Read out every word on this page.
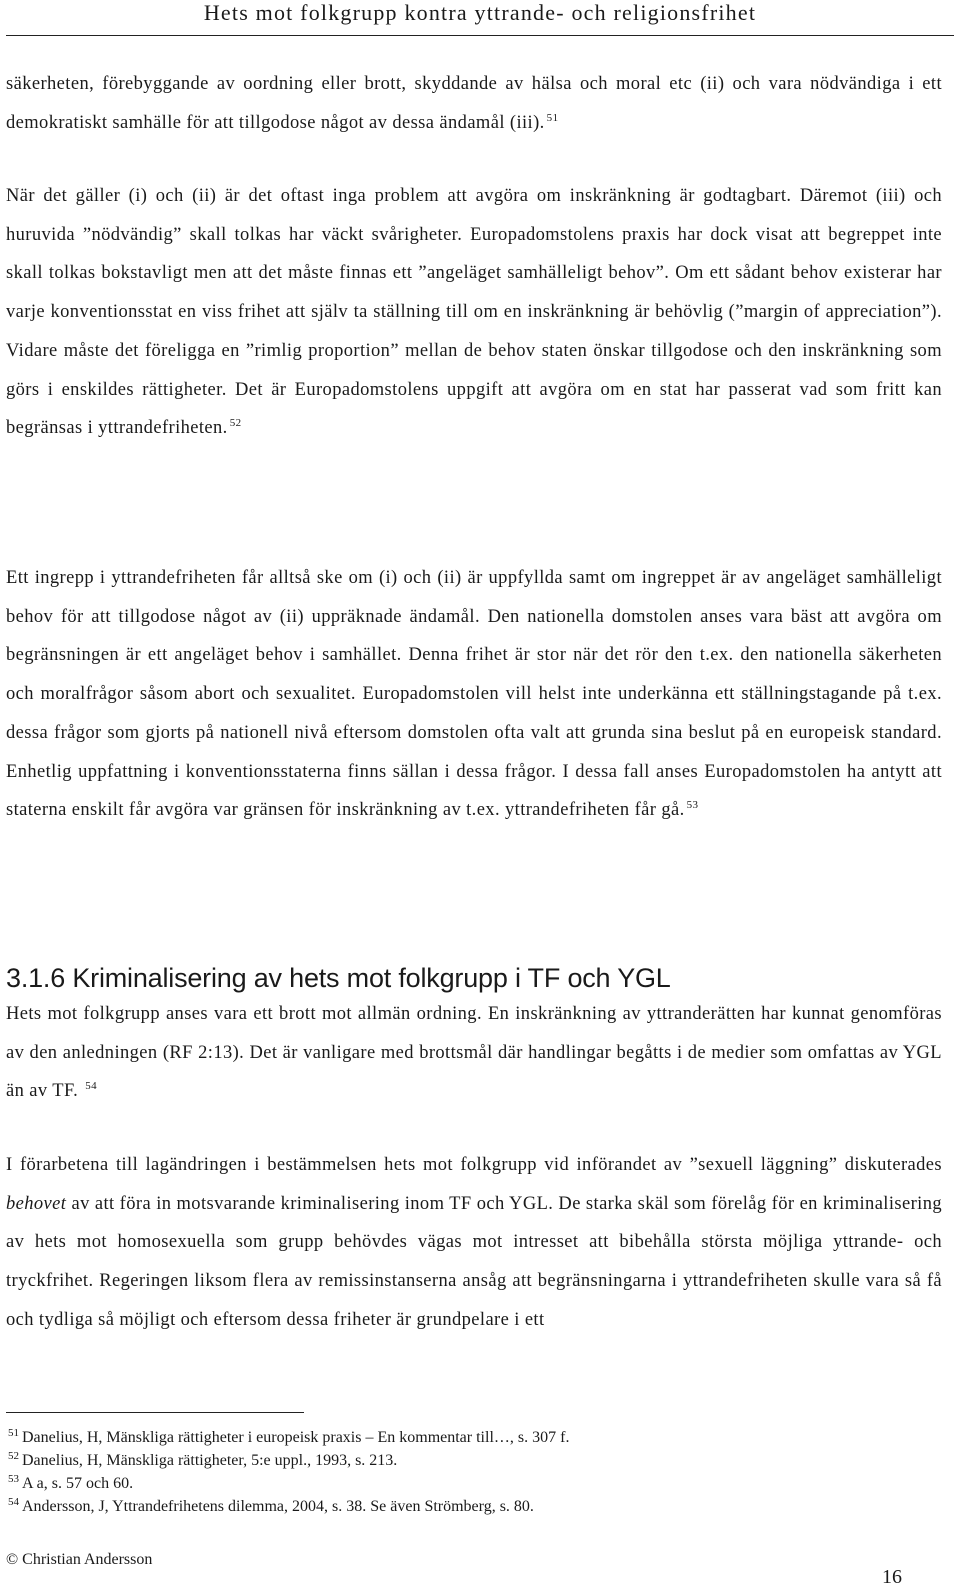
Hets mot folkgrupp kontra yttrande- och religionsfrihet

säkerheten, förebyggande av oordning eller brott, skyddande av hälsa och moral etc (ii) och vara nödvändiga i ett demokratiskt samhälle för att tillgodose något av dessa ändamål (iii). $^{51}$

När det gäller (i) och (ii) är det oftast inga problem att avgöra om inskränkning är godtagbart. Däremot (iii) och huruvida ”nödvändig” skall tolkas har väckt svårigheter. Europadomstolens praxis har dock visat att begreppet inte skall tolkas bokstavligt men att det måste finnas ett ”angeläget samhälleligt behov”. Om ett sådant behov existerar har varje konventionsstat en viss frihet att själv ta ställning till om en inskränkning är behövlig (”margin of appreciation”). Vidare måste det föreligga en ”rimlig proportion” mellan de behov staten önskar tillgodose och den inskränkning som görs i enskildes rättigheter. Det är Europadomstolens uppgift att avgöra om en stat har passerat vad som fritt kan begränsas i yttrandefriheten. $^{52}$

Ett ingrepp i yttrandefriheten får alltså ske om (i) och (ii) är uppfyllda samt om ingreppet är av angeläget samhälleligt behov för att tillgodose något av (ii) uppräknade ändamål. Den nationella domstolen anses vara bäst att avgöra om begränsningen är ett angeläget behov i samhället. Denna frihet är stor när det rör den t.ex. den nationella säkerheten och moralfrågor såsom abort och sexualitet. Europadomstolen vill helst inte underkänna ett ställningstagande på t.ex. dessa frågor som gjorts på nationell nivå eftersom domstolen ofta valt att grunda sina beslut på en europeisk standard. Enhetlig uppfattning i konventionsstaterna finns sällan i dessa frågor. I dessa fall anses Europadomstolen ha antytt att staterna enskilt får avgöra var gränsen för inskränkning av t.ex. yttrandefriheten får gå. $^{53}$

3.1.6 Kriminalisering av hets mot folkgrupp i TF och YGL

Hets mot folkgrupp anses vara ett brott mot allmän ordning. En inskränkning av yttranderätten har kunnat genomföras av den anledningen (RF 2:13). Det är vanligare med brottsmål där handlingar begåtts i de medier som omfattas av YGL än av TF. $^{54}$

I förarbetena till lagändringen i bestämmelsen hets mot folkgrupp vid införandet av ”sexuell läggning” diskuterades behovet av att föra in motsvarande kriminalisering inom TF och YGL. De starka skäl som förelåg för en kriminalisering av hets mot homosexuella som grupp behövdes vägas mot intresset att bibehålla största möjliga yttrande- och tryckfrihet. Regeringen liksom flera av remissinstanserna ansåg att begränsningarna i yttrandefriheten skulle vara så få och tydliga så möjligt och eftersom dessa friheter är grundpelare i ett

$^{51}$ Danelius, H, Mänskliga rättigheter i europeisk praxis – En kommentar till…, s. 307 f.
$^{52}$ Danelius, H, Mänskliga rättigheter, 5:e uppl., 1993, s. 213.
$^{53}$ A a, s. 57 och 60.
$^{54}$ Andersson, J, Yttrandefrihetens dilemma, 2004, s. 38. Se även Strömberg, s. 80.
© Christian Andersson
16
